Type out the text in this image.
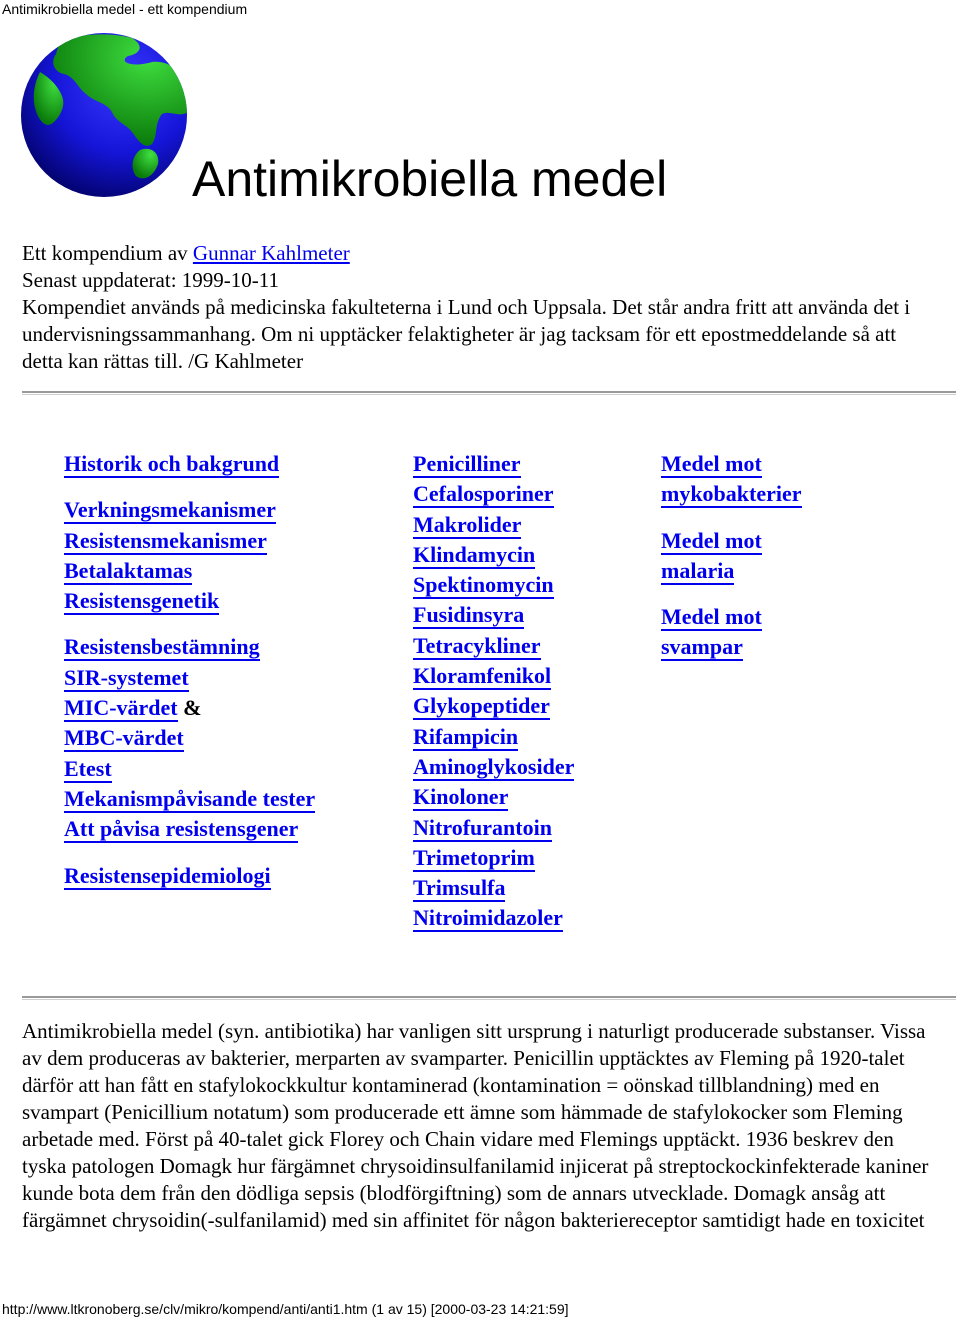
Antimikrobiella medel - ett kompendium
Antimikrobiella medel

Ett kompendium av Gunnar Kahlmeter

Senast uppdaterat: 1999-10-11

Kompendiet används på medicinska fakulteterna i Lund och Uppsala. Det står andra fritt att använda det i undervisningssammanhang. Om ni upptäcker felaktigheter är jag tacksam för ett epostmeddelande så att detta kan rättas till. /G Kahlmeter

Historik och bakgrund
Verkningsmekanismer
Resistensmekanismer
Betalaktamas
Resistensgenetik
Resistensbestämning
SIR-systemet
MIC-värdet &
MBC-värdet
Etest
Mekanismpåvisande tester
Att påvisa resistensgener
Resistensepidemiologi
Penicilliner
Cefalosporiner
Makrolider
Klindamycin
Spektinomycin
Fusidinsyra
Tetracykliner
Kloramfenikol
Glykopeptider
Rifampicin
Aminoglykosider
Kinoloner
Nitrofurantoin
Trimetoprim
Trimsulfa
Nitroimidazoler
Medel mot
mykobakterier
Medel mot
malaria
Medel mot
svampar

Antimikrobiella medel (syn. antibiotika) har vanligen sitt ursprung i naturligt producerade substanser. Vissa av dem produceras av bakterier, merparten av svamparter. Penicillin upptäcktes av Fleming på 1920-talet därför att han fått en stafylokockkultur kontaminerad (kontamination = oönskad tillblandning) med en svampart (Penicillium notatum) som producerade ett ämne som hämmade de stafylokocker som Fleming arbetade med. Först på 40-talet gick Florey och Chain vidare med Flemings upptäckt. 1936 beskrev den tyska patologen Domagk hur färgämnet chrysoidinsulfanilamid injicerat på streptockockinfekterade kaniner kunde bota dem från den dödliga sepsis (blodförgiftning) som de annars utvecklade. Domagk ansåg att färgämnet chrysoidin(-sulfanilamid) med sin affinitet för någon bakteriereceptor samtidigt hade en toxicitet

http://www.ltkronoberg.se/clv/mikro/kompend/anti/anti1.htm (1 av 15) [2000-03-23 14:21:59]
